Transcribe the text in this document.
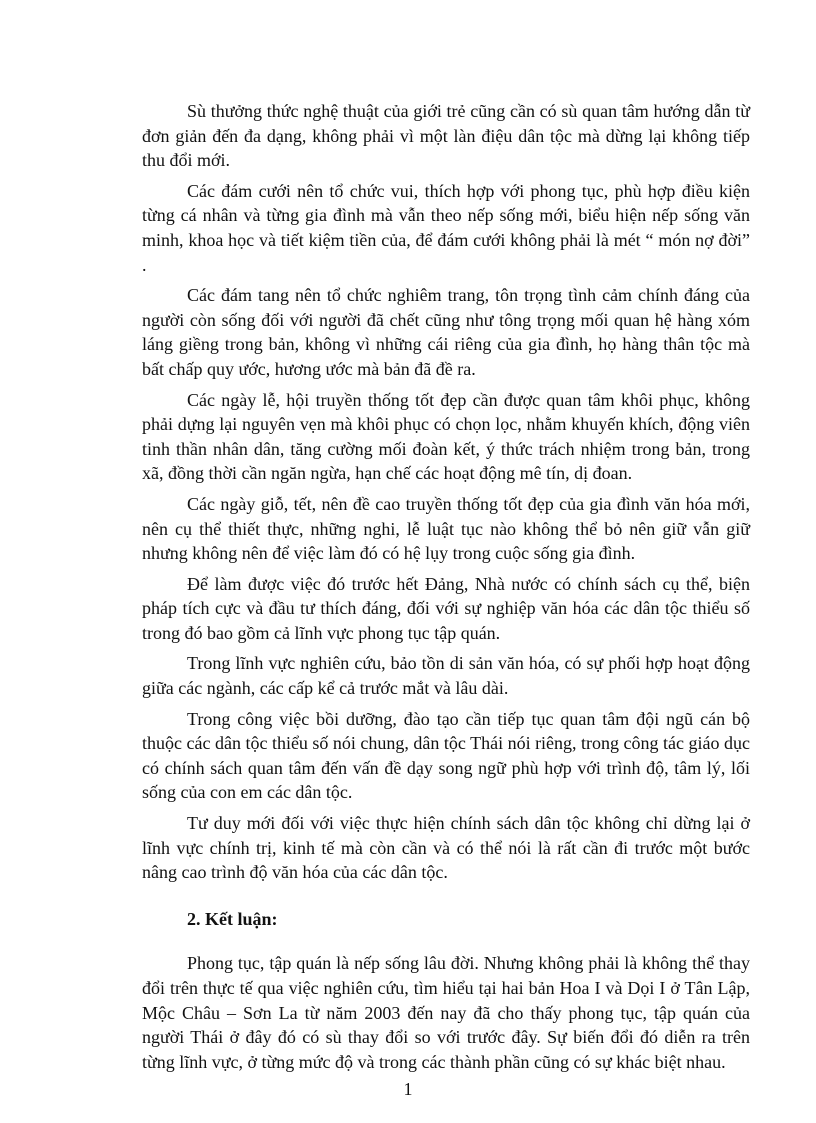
Sù thưởng thức nghệ thuật của giới trẻ cũng cần có sù quan tâm hướng dẫn từ đơn giản đến đa dạng, không phải vì một làn điệu dân tộc mà dừng lại không tiếp thu đổi mới.

Các đám cưới nên tổ chức vui, thích hợp với phong tục, phù hợp điều kiện từng cá nhân và từng gia đình mà vẫn theo nếp sống mới, biểu hiện nếp sống văn minh, khoa học và tiết kiệm tiền của, để đám cưới không phải là mét “ món nợ đời” .

Các đám tang nên tổ chức nghiêm trang, tôn trọng tình cảm chính đáng của người còn sống đối với người đã chết cũng như tông trọng mối quan hệ hàng xóm láng giềng trong bản, không vì những cái riêng của gia đình, họ hàng thân tộc mà bất chấp quy ước, hương ước mà bản đã đề ra.

Các ngày lễ, hội truyền thống tốt đẹp cần được quan tâm khôi phục, không phải dựng lại nguyên vẹn mà khôi phục có chọn lọc, nhằm khuyến khích, động viên tinh thần nhân dân, tăng cường mối đoàn kết, ý thức trách nhiệm trong bản, trong xã, đồng thời cần ngăn ngừa, hạn chế các hoạt động mê tín, dị đoan.

Các ngày giỗ, tết, nên đề cao truyền thống tốt đẹp của gia đình văn hóa mới, nên cụ thể thiết thực, những nghi, lễ luật tục nào không thể bỏ nên giữ vẫn giữ nhưng không nên để việc làm đó có hệ lụy trong cuộc sống gia đình.

Để làm được việc đó trước hết Đảng, Nhà nước có chính sách cụ thể, biện pháp tích cực và đầu tư thích đáng, đối với sự nghiệp văn hóa các dân tộc thiểu số trong đó bao gồm cả lĩnh vực phong tục tập quán.

Trong lĩnh vực nghiên cứu, bảo tồn di sản văn hóa, có sự phối hợp hoạt động giữa các ngành, các cấp kể cả trước mắt và lâu dài.

Trong công việc bồi dưỡng, đào tạo cần tiếp tục quan tâm đội ngũ cán bộ thuộc các dân tộc thiểu số nói chung, dân tộc Thái nói riêng, trong công tác giáo dục có chính sách quan tâm đến vấn đề dạy song ngữ phù hợp với trình độ, tâm lý, lối sống của con em các dân tộc.

Tư duy mới đối với việc thực hiện chính sách dân tộc không chỉ dừng lại ở lĩnh vực chính trị, kinh tế mà còn cần và có thể nói là rất cần đi trước một bước nâng cao trình độ văn hóa của các dân tộc.

2. Kết luận:

Phong tục, tập quán là nếp sống lâu đời. Nhưng không phải là không thể thay đổi trên thực tế qua việc nghiên cứu, tìm hiểu tại hai bản Hoa I và Dọi I ở Tân Lập, Mộc Châu – Sơn La từ năm 2003 đến nay đã cho thấy phong tục, tập quán của người Thái ở đây đó có sù thay đổi so với trước đây. Sự biến đổi đó diễn ra trên từng lĩnh vực, ở từng mức độ và trong các thành phần cũng có sự khác biệt nhau.

1
